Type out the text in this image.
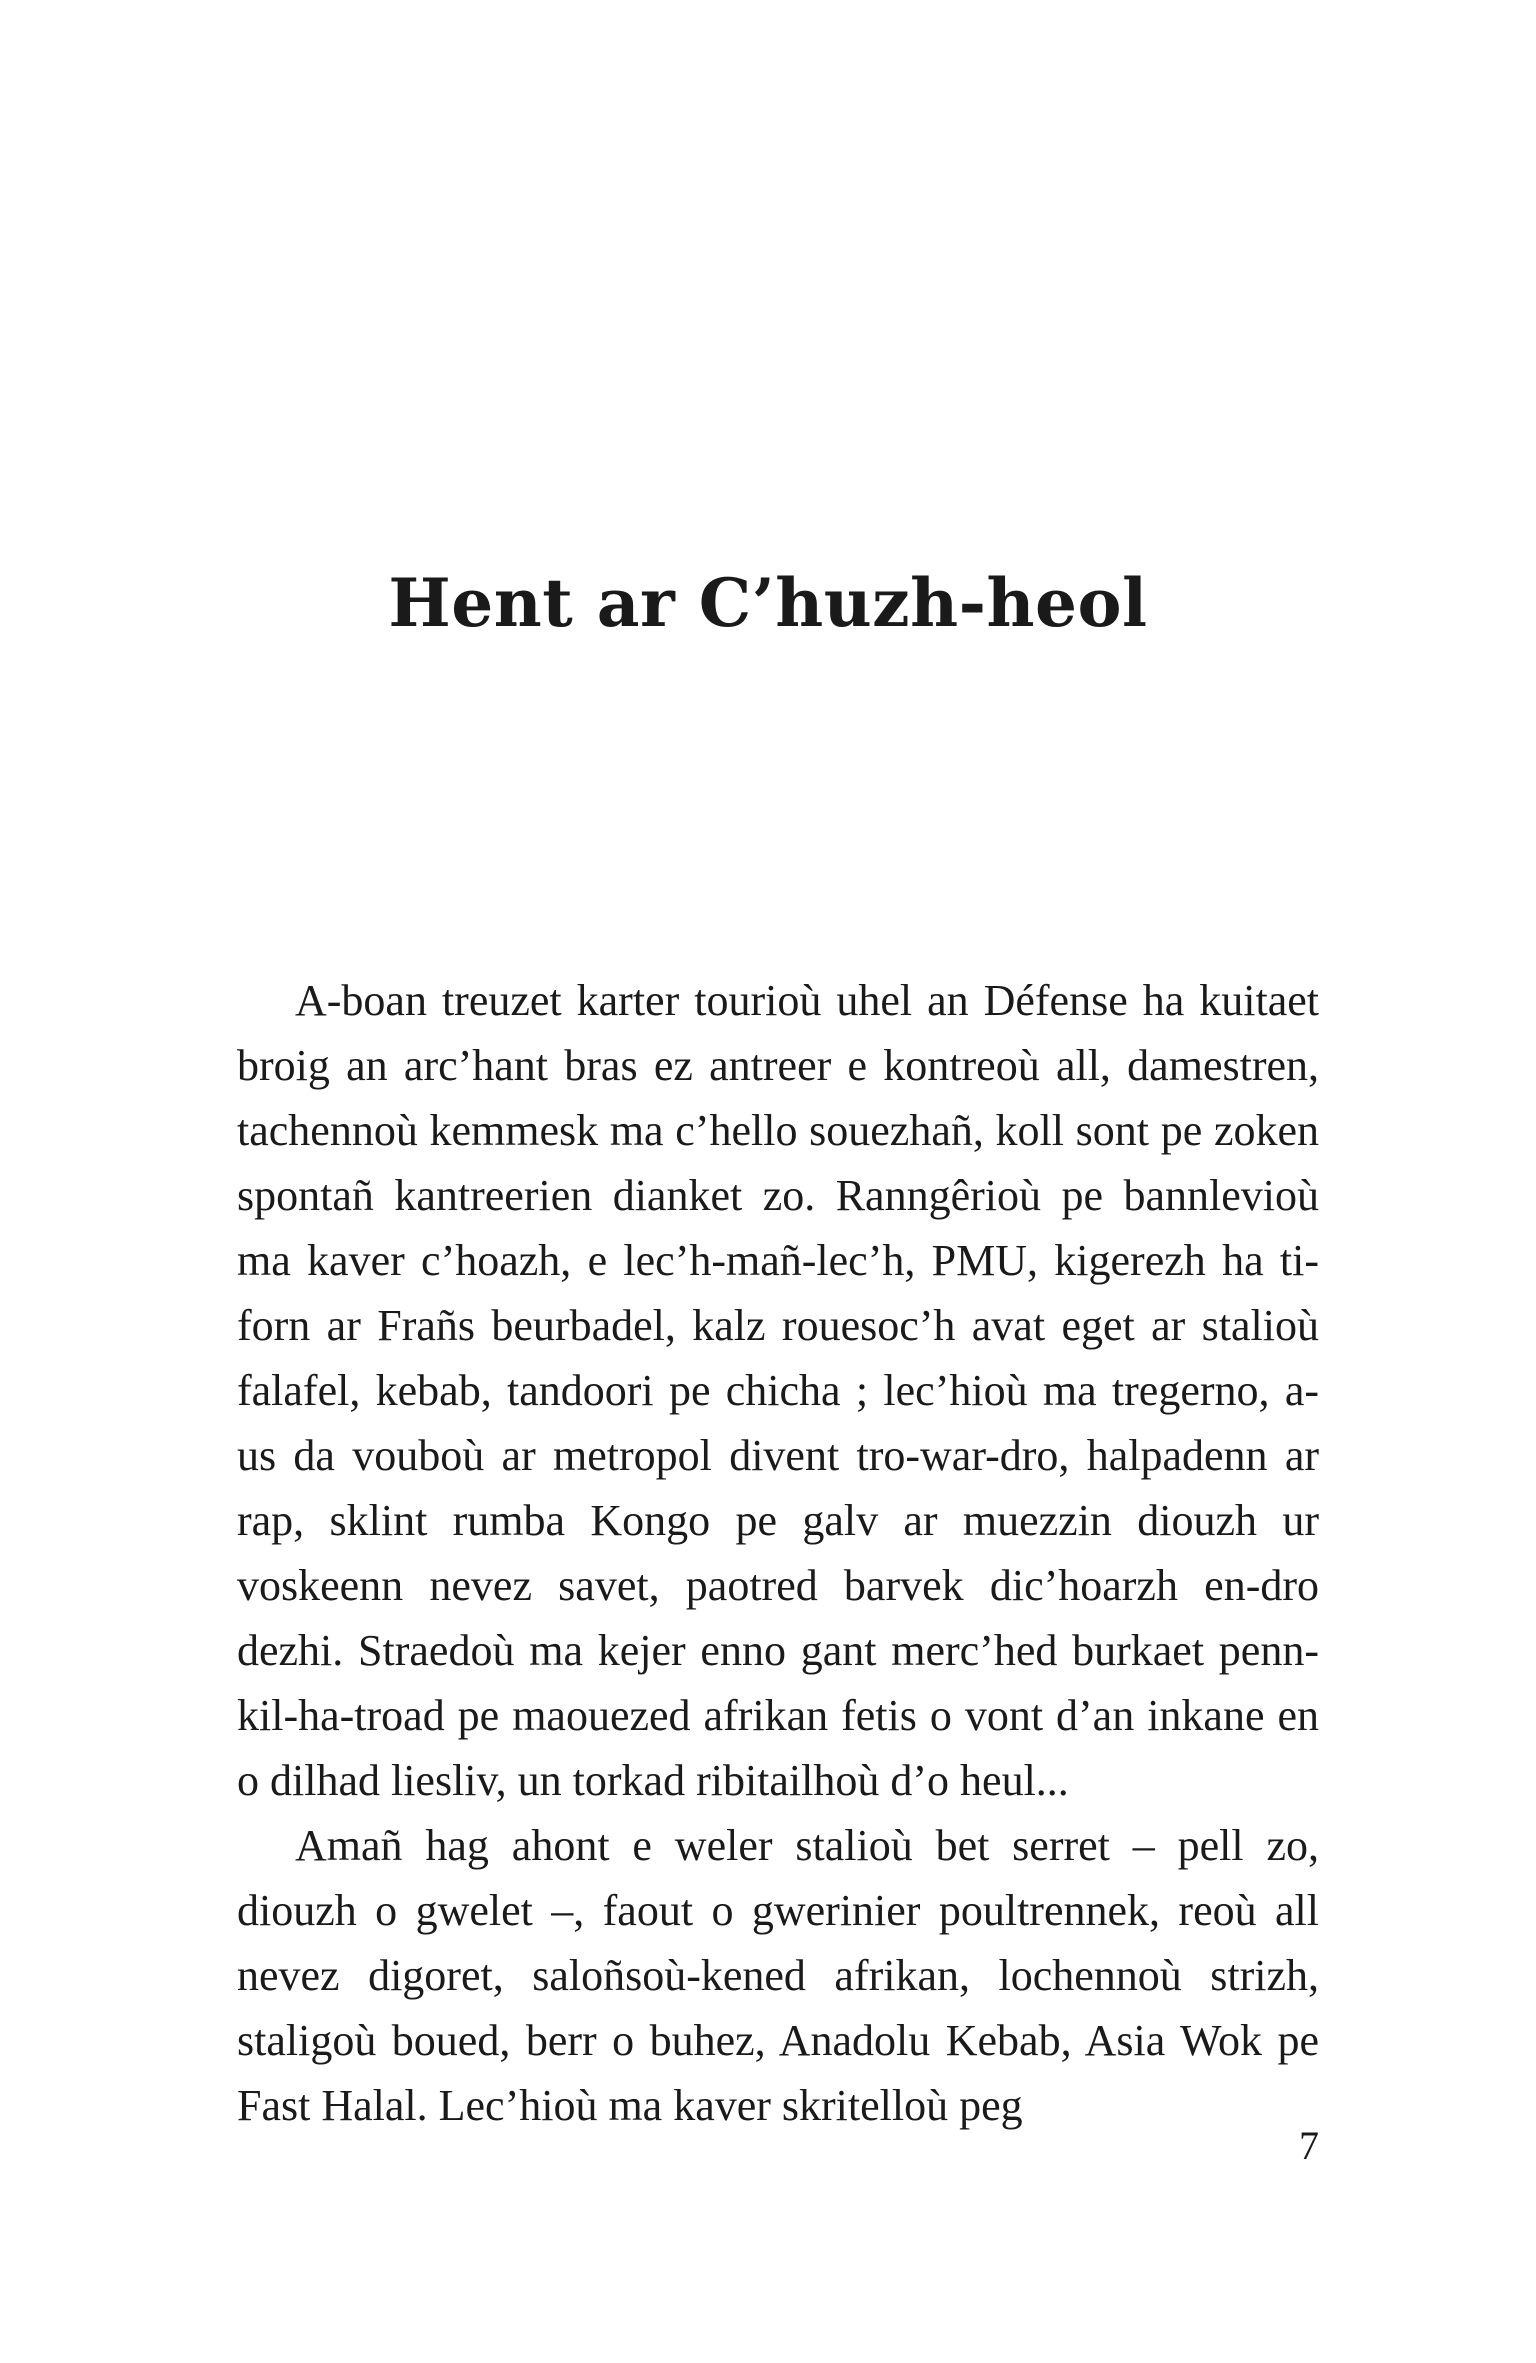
Hent ar C’huzh-heol

A-boan treuzet karter tourioù uhel an Défense ha kuitaet broig an arc’hant bras ez antreer e kontreoù all, damestren, tachennoù kemmesk ma c’hello souezhañ, koll sont pe zoken spontañ kantreerien dianket zo. Ranngêrioù pe bannlevioù ma kaver c’hoazh, e lec’h-mañ-lec’h, PMU, kigerezh ha ti-forn ar Frañs beurbadel, kalz rouesoc’h avat eget ar stalioù falafel, kebab, tandoori pe chicha ; lec’hioù ma tregerno, a-us da vouboù ar metropol divent tro-war-dro, halpadenn ar rap, sklint rumba Kongo pe galv ar muezzin diouzh ur voskeenn nevez savet, paotred barvek dic’hoarzh en-dro dezhi. Straedoù ma kejer enno gant merc’hed burkaet penn-kil-ha-troad pe maouezed afrikan fetis o vont d’an inkane en o dilhad liesliv, un torkad ribitailhoù d’o heul...

Amañ hag ahont e weler stalioù bet serret – pell zo, diouzh o gwelet –, faout o gwerinier poultrennek, reoù all nevez digoret, saloñsoù-kened afrikan, lochennoù strizh, staligoù boued, berr o buhez, Anadolu Kebab, Asia Wok pe Fast Halal. Lec’hioù ma kaver skritelloù peg

7
